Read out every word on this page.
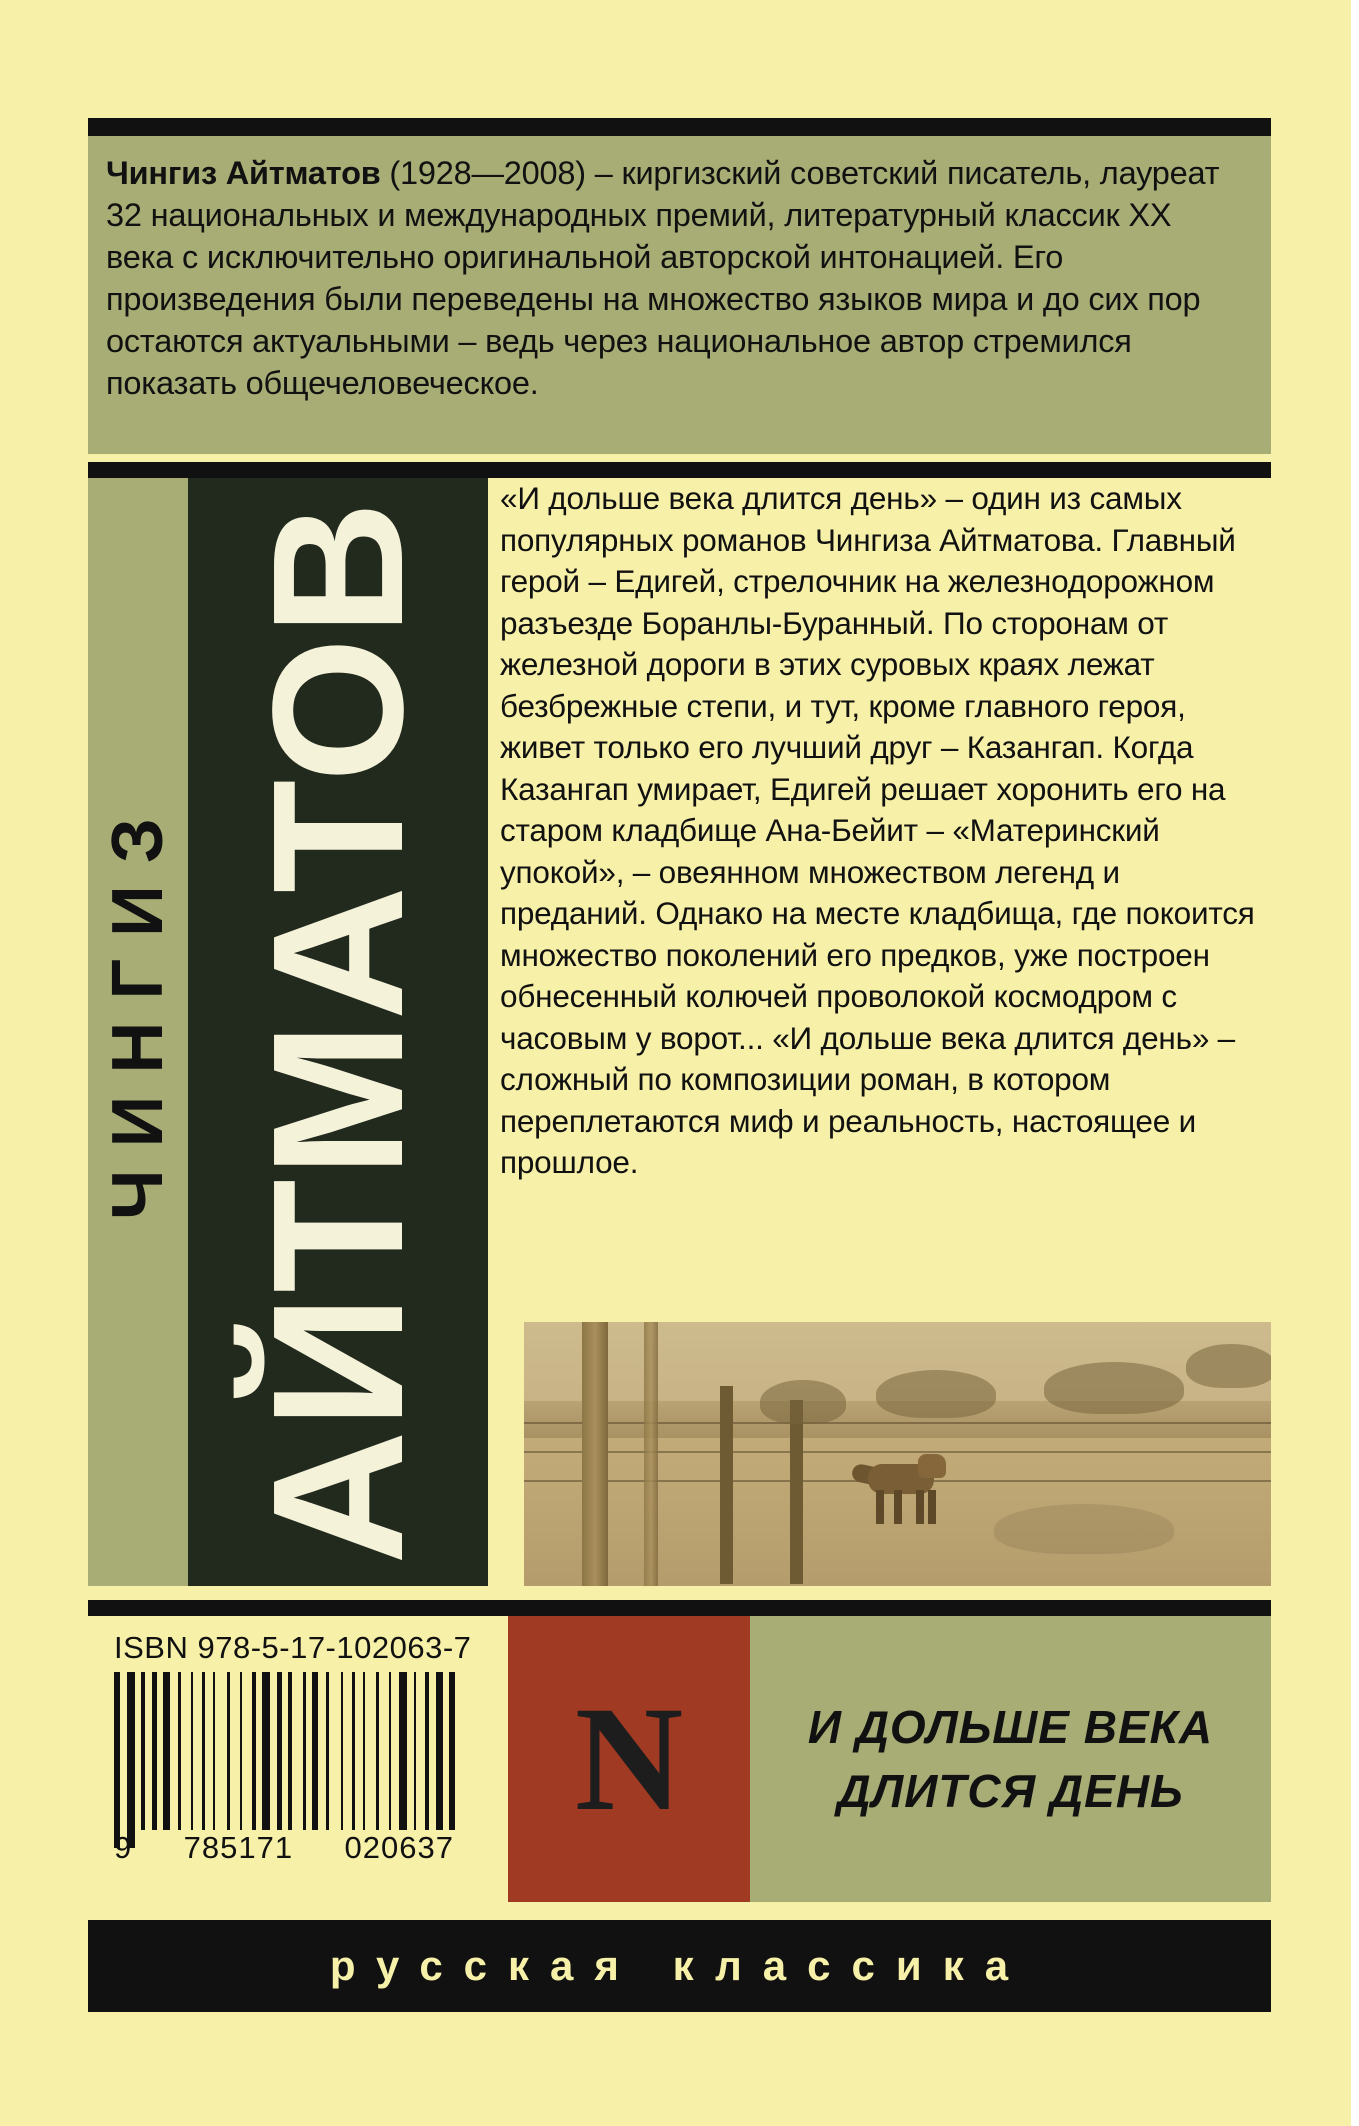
Чингиз Айтматов (1928—2008) – киргизский советский писатель, лауреат 32 национальных и международных премий, литературный классик XX века с исключительно оригинальной авторской интонацией. Его произведения были переведены на множество языков мира и до сих пор остаются актуальными – ведь через национальное автор стремился показать общечеловеческое.
ЧИНГИЗ АЙТМАТОВ
«И дольше века длится день» – один из самых популярных романов Чингиза Айтматова. Главный герой – Едигей, стрелочник на железнодорожном разъезде Боранлы-Буранный. По сторонам от железной дороги в этих суровых краях лежат безбрежные степи, и тут, кроме главного героя, живет только его лучший друг – Казангап. Когда Казангап умирает, Едигей решает хоронить его на старом кладбище Ана-Бейит – «Материнский упокой», – овеянном множеством легенд и преданий. Однако на месте кладбища, где покоится множество поколений его предков, уже построен обнесенный колючей проволокой космодром с часовым у ворот... «И дольше века длится день» – сложный по композиции роман, в котором переплетаются миф и реальность, настоящее и прошлое.
ISBN 978-5-17-102063-7
9 785171 020637
N	И ДОЛЬШЕ ВЕКА
ДЛИТСЯ ДЕНЬ
русская классика
